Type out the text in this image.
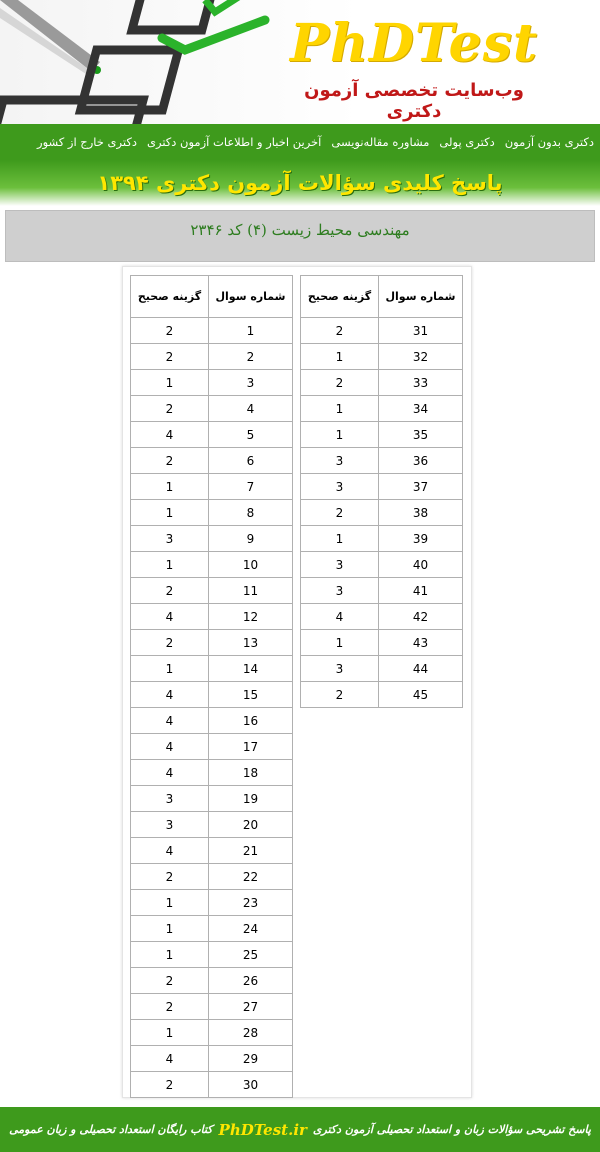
PhDTest
وب‌سایت تخصصی آزمون دکتری
دکتری بدون آزمون
دکتری پولی
مشاوره مقاله‌نویسی
آخرین اخبار و اطلاعات آزمون دکتری
دکتری خارج از کشور
پاسخ کلیدی سؤالات آزمون دکتری ۱۳۹۴
مهندسی محیط زیست (۴) کد ۲۳۴۶
شماره سوال	گزینه صحیح
1	2
2	2
3	1
4	2
5	4
6	2
7	1
8	1
9	3
10	1
11	2
12	4
13	2
14	1
15	4
16	4
17	4
18	4
19	3
20	3
21	4
22	2
23	1
24	1
25	1
26	2
27	2
28	1
29	4
30	2
شماره سوال	گزینه صحیح
31	2
32	1
33	2
34	1
35	1
36	3
37	3
38	2
39	1
40	3
41	3
42	4
43	1
44	3
45	2
پاسخ تشریحی سؤالات زبان و استعداد تحصیلی آزمون دکتری
PhDTest.ir
کتاب رایگان استعداد تحصیلی و زبان عمومی
